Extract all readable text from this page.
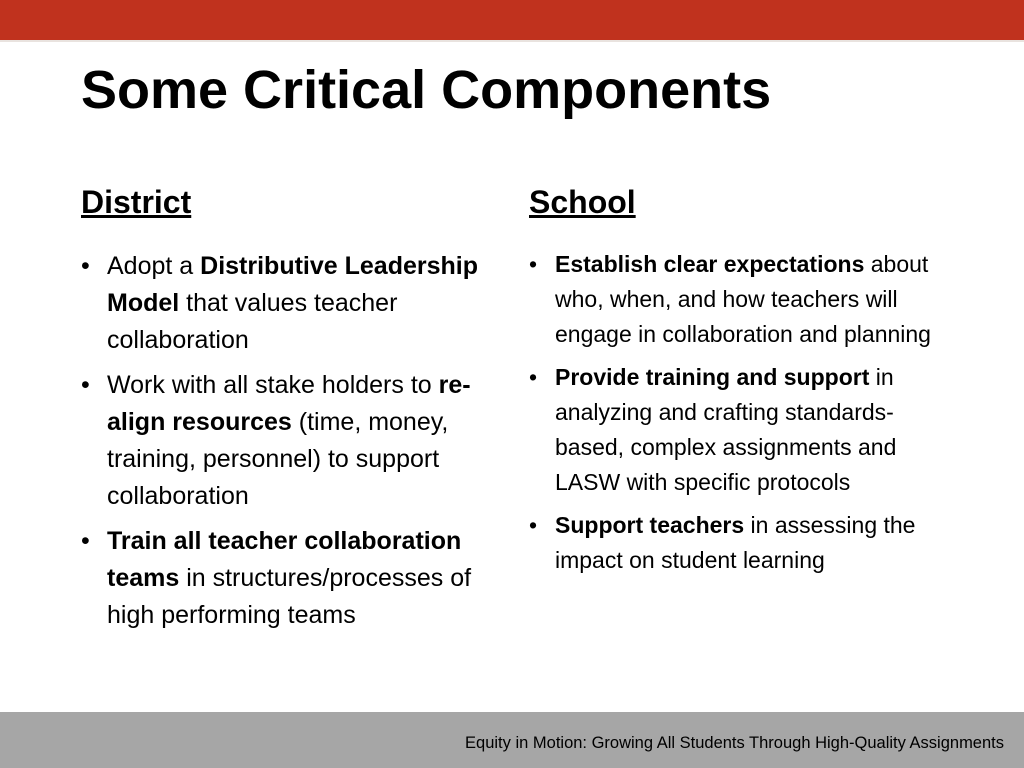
Some Critical Components
District
• Adopt a Distributive Leadership Model that values teacher collaboration
• Work with all stake holders to re-align resources (time, money, training, personnel) to support collaboration
• Train all teacher collaboration teams in structures/processes of high performing teams
School
• Establish clear expectations about who, when, and how teachers will engage in collaboration and planning
• Provide training and support in analyzing and crafting standards-based, complex assignments and LASW with specific protocols
• Support teachers in assessing the impact on student learning
Equity in Motion: Growing All Students Through High-Quality Assignments
